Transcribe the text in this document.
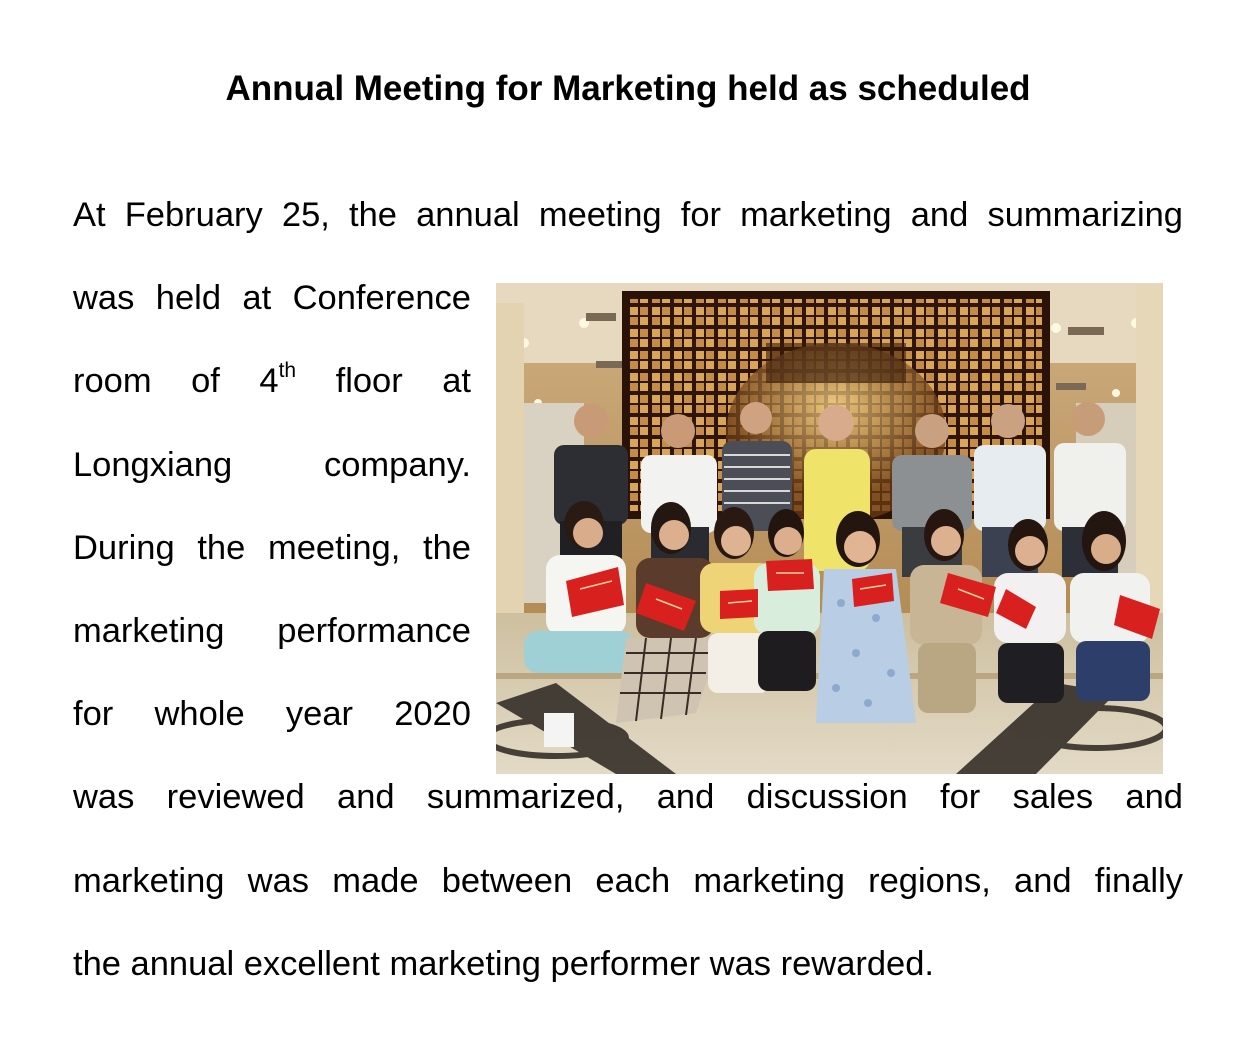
Annual Meeting for Marketing held as scheduled
At February 25, the annual meeting for marketing and summarizing
was held at Conference
room of 4th floor at
Longxiang company.
During the meeting, the
marketing performance
for whole year 2020
was reviewed and summarized, and discussion for sales and
marketing was made between each marketing regions, and finally
the annual excellent marketing performer was rewarded.
